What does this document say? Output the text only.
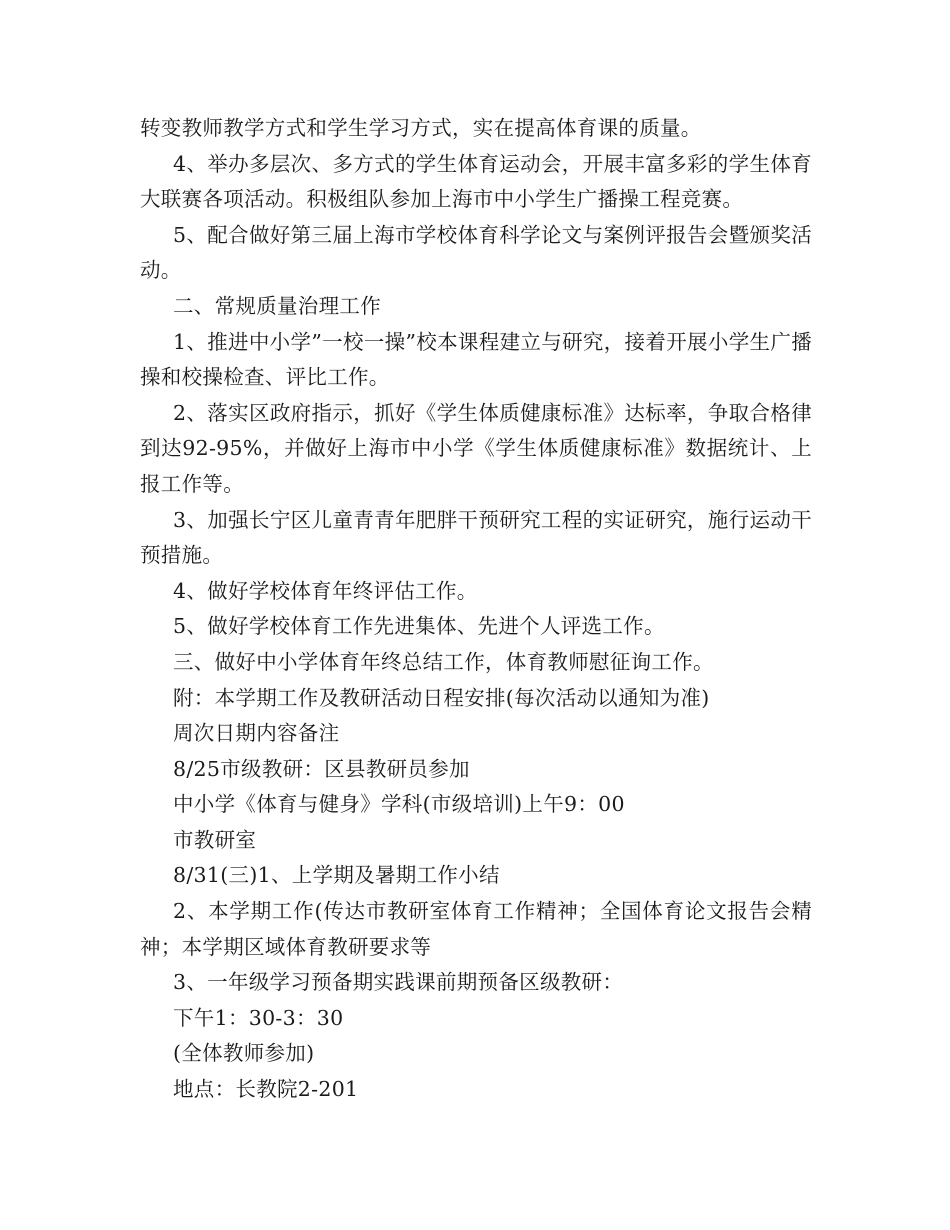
转变教师教学方式和学生学习方式，实在提高体育课的质量。

4、举办多层次、多方式的学生体育运动会，开展丰富多彩的学生体育大联赛各项活动。积极组队参加上海市中小学生广播操工程竞赛。

5、配合做好第三届上海市学校体育科学论文与案例评报告会暨颁奖活动。

二、常规质量治理工作

1、推进中小学”一校一操”校本课程建立与研究，接着开展小学生广播操和校操检查、评比工作。

2、落实区政府指示，抓好《学生体质健康标准》达标率，争取合格律到达92-95%，并做好上海市中小学《学生体质健康标准》数据统计、上报工作等。

3、加强长宁区儿童青青年肥胖干预研究工程的实证研究，施行运动干预措施。

4、做好学校体育年终评估工作。

5、做好学校体育工作先进集体、先进个人评选工作。

三、做好中小学体育年终总结工作，体育教师慰征询工作。

附：本学期工作及教研活动日程安排(每次活动以通知为准)

周次日期内容备注

8/25市级教研：区县教研员参加

中小学《体育与健身》学科(市级培训)上午9：00

市教研室

8/31(三)1、上学期及暑期工作小结

2、本学期工作(传达市教研室体育工作精神；全国体育论文报告会精神；本学期区域体育教研要求等

3、一年级学习预备期实践课前期预备区级教研：

下午1：30-3：30

(全体教师参加)

地点：长教院2-201
